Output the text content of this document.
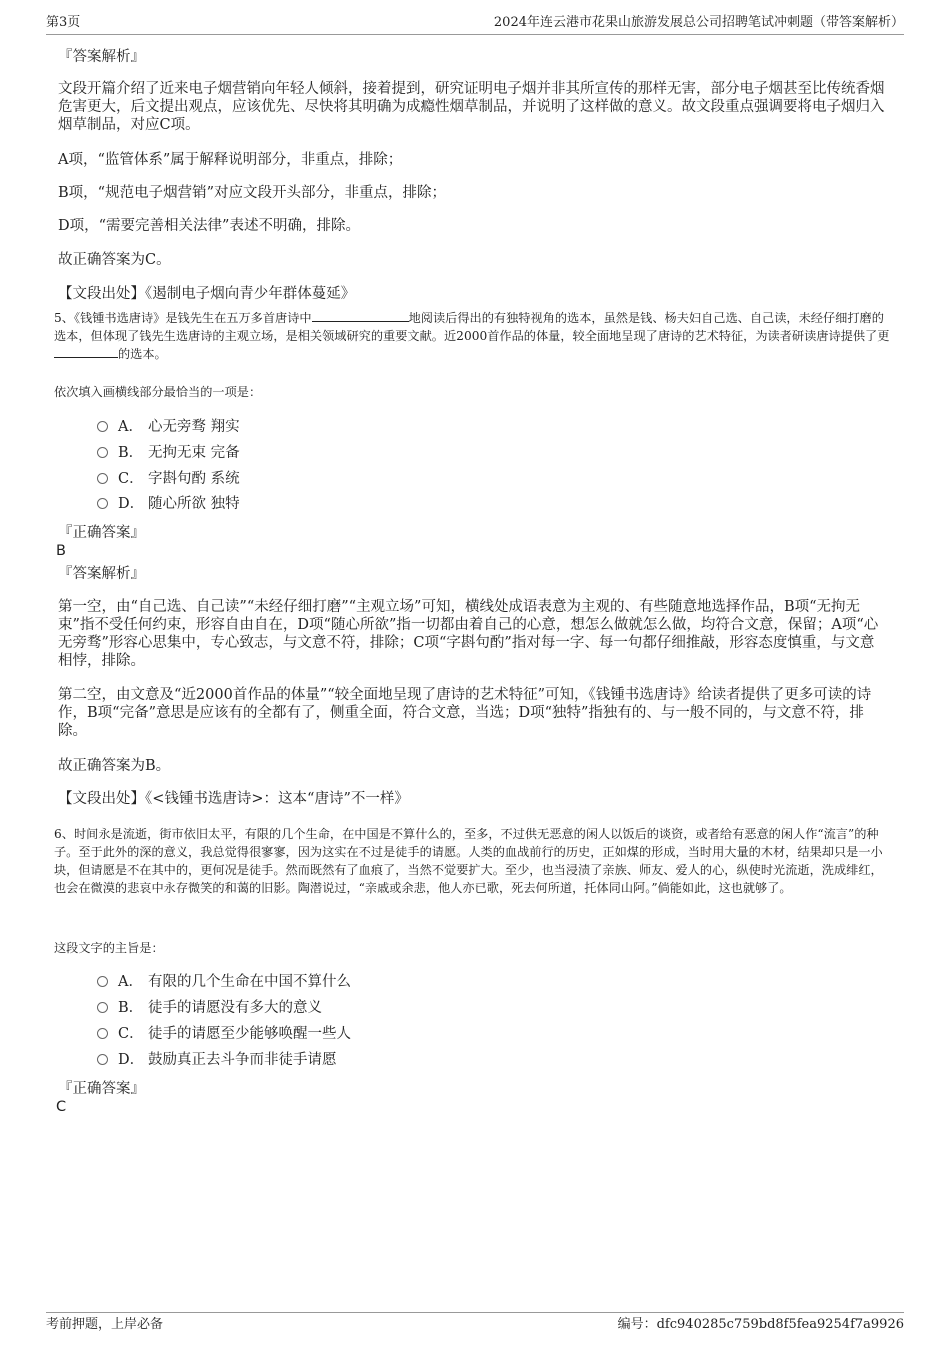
第3页	2024年连云港市花果山旅游发展总公司招聘笔试冲刺题（带答案解析）
『答案解析』

文段开篇介绍了近来电子烟营销向年轻人倾斜，接着提到，研究证明电子烟并非其所宣传的那样无害，部分电子烟甚至比传统香烟危害更大，后文提出观点，应该优先、尽快将其明确为成瘾性烟草制品，并说明了这样做的意义。故文段重点强调要将电子烟归入烟草制品，对应C项。

A项，“监管体系”属于解释说明部分，非重点，排除；

B项，“规范电子烟营销”对应文段开头部分，非重点，排除；

D项，“需要完善相关法律”表述不明确，排除。

故正确答案为C。

【文段出处】《遏制电子烟向青少年群体蔓延》

5、《钱锺书选唐诗》是钱先生在五万多首唐诗中	地阅读后得出的有独特视角的选本，虽然是钱、杨夫妇自己选、自己读，未经仔细打磨的选本，但体现了钱先生选唐诗的主观立场，是相关领域研究的重要文献。近2000首作品的体量，较全面地呈现了唐诗的艺术特征，为读者研读唐诗提供了更的选本。

依次填入画横线部分最恰当的一项是：

A． 心无旁骛 翔实
B． 无拘无束 完备
C． 字斟句酌 系统
D． 随心所欲 独特
『正确答案』
B
『答案解析』

第一空，由“自己选、自己读”“未经仔细打磨”“主观立场”可知，横线处成语表意为主观的、有些随意地选择作品，B项“无拘无束”指不受任何约束，形容自由自在，D项“随心所欲”指一切都由着自己的心意，想怎么做就怎么做，均符合文意，保留；A项“心无旁骛”形容心思集中，专心致志，与文意不符，排除；C项“字斟句酌”指对每一字、每一句都仔细推敲，形容态度慎重，与文意相悖，排除。

第二空，由文意及“近2000首作品的体量”“较全面地呈现了唐诗的艺术特征”可知，《钱锺书选唐诗》给读者提供了更多可读的诗作，B项“完备”意思是应该有的全都有了，侧重全面，符合文意，当选；D项“独特”指独有的、与一般不同的，与文意不符，排除。

故正确答案为B。

【文段出处】《<钱锺书选唐诗>：这本“唐诗”不一样》

6、时间永是流逝，街市依旧太平，有限的几个生命，在中国是不算什么的，至多，不过供无恶意的闲人以饭后的谈资，或者给有恶意的闲人作“流言”的种子。至于此外的深的意义，我总觉得很寥寥，因为这实在不过是徒手的请愿。人类的血战前行的历史，正如煤的形成，当时用大量的木材，结果却只是一小块，但请愿是不在其中的，更何况是徒手。然而既然有了血痕了，当然不觉要扩大。至少，也当浸渍了亲族、师友、爱人的心，纵使时光流逝，洗成绯红，也会在微漠的悲哀中永存微笑的和蔼的旧影。陶潜说过，“亲戚或余悲，他人亦已歌，死去何所道，托体同山阿。”倘能如此，这也就够了。

这段文字的主旨是：

A． 有限的几个生命在中国不算什么
B． 徒手的请愿没有多大的意义
C． 徒手的请愿至少能够唤醒一些人
D． 鼓励真正去斗争而非徒手请愿
『正确答案』
C
考前押题，上岸必备	编号：dfc940285c759bd8f5fea9254f7a9926
